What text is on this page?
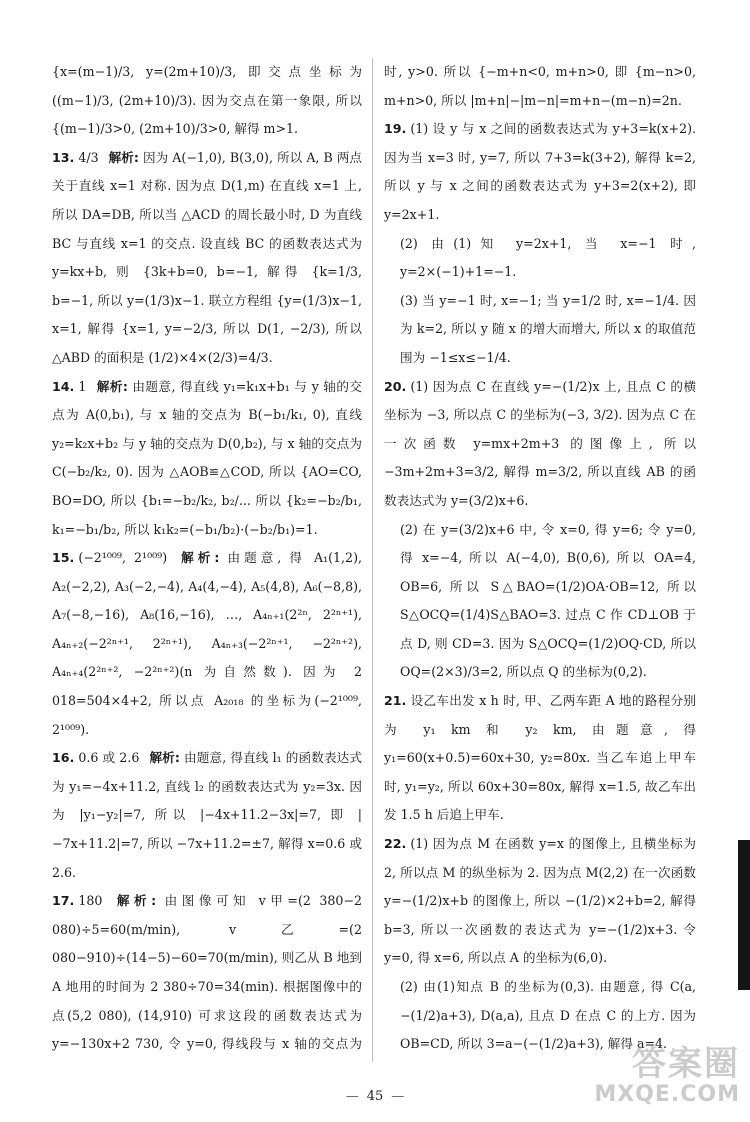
{x=(m−1)/3, y=(2m+10)/3, 即交点坐标为((m−1)/3, (2m+10)/3). 因为交点在第一象限, 所以 {(m−1)/3>0, (2m+10)/3>0, 解得 m>1.

13. 4/3 解析: 因为 A(−1,0), B(3,0), 所以 A, B 两点关于直线 x=1 对称. 因为点 D(1,m) 在直线 x=1 上, 所以 DA=DB, 所以当 △ACD 的周长最小时, D 为直线 BC 与直线 x=1 的交点. 设直线 BC 的函数表达式为 y=kx+b, 则 {3k+b=0, b=−1, 解得 {k=1/3, b=−1, 所以 y=(1/3)x−1. 联立方程组 {y=(1/3)x−1, x=1, 解得 {x=1, y=−2/3, 所以 D(1, −2/3), 所以 △ABD 的面积是 (1/2)×4×(2/3)=4/3.

14. 1 解析: 由题意, 得直线 y₁=k₁x+b₁ 与 y 轴的交点为 A(0,b₁), 与 x 轴的交点为 B(−b₁/k₁, 0), 直线 y₂=k₂x+b₂ 与 y 轴的交点为 D(0,b₂), 与 x 轴的交点为 C(−b₂/k₂, 0). 因为 △AOB≌△COD, 所以 {AO=CO, BO=DO, 所以 {b₁=−b₂/k₂, b₂/... 所以 {k₂=−b₂/b₁, k₁=−b₁/b₂, 所以 k₁k₂=(−b₁/b₂)·(−b₂/b₁)=1.

15. (−2¹⁰⁰⁹, 2¹⁰⁰⁹) 解析: 由题意, 得 A₁(1,2), A₂(−2,2), A₃(−2,−4), A₄(4,−4), A₅(4,8), A₆(−8,8), A₇(−8,−16), A₈(16,−16), …, A₄ₙ₊₁(2²ⁿ, 2²ⁿ⁺¹), A₄ₙ₊₂(−2²ⁿ⁺¹, 2²ⁿ⁺¹), A₄ₙ₊₃(−2²ⁿ⁺¹, −2²ⁿ⁺²), A₄ₙ₊₄(2²ⁿ⁺², −2²ⁿ⁺²)(n 为自然数). 因为 2 018=504×4+2, 所以点 A₂₀₁₈ 的坐标为(−2¹⁰⁰⁹, 2¹⁰⁰⁹).

16. 0.6 或 2.6 解析: 由题意, 得直线 l₁ 的函数表达式为 y₁=−4x+11.2, 直线 l₂ 的函数表达式为 y₂=3x. 因为 |y₁−y₂|=7, 所以 |−4x+11.2−3x|=7, 即 |−7x+11.2|=7, 所以 −7x+11.2=±7, 解得 x=0.6 或 2.6.

17. 180 解析: 由图像可知 v甲=(2 380−2 080)÷5=60(m/min), v乙=(2 080−910)÷(14−5)−60=70(m/min), 则乙从 B 地到 A 地用的时间为 2 380÷70=34(min). 根据图像中的点(5,2 080), (14,910) 可求这段的函数表达式为 y=−130x+2 730, 令 y=0, 得线段与 x 轴的交点为

时, y>0. 所以 {−m+n<0, m+n>0, 即 {m−n>0, m+n>0, 所以 |m+n|−|m−n|=m+n−(m−n)=2n.

19. (1) 设 y 与 x 之间的函数表达式为 y+3=k(x+2). 因为当 x=3 时, y=7, 所以 7+3=k(3+2), 解得 k=2, 所以 y 与 x 之间的函数表达式为 y+3=2(x+2), 即 y=2x+1.

(2) 由(1)知 y=2x+1, 当 x=−1 时, y=2×(−1)+1=−1.

(3) 当 y=−1 时, x=−1; 当 y=1/2 时, x=−1/4. 因为 k=2, 所以 y 随 x 的增大而增大, 所以 x 的取值范围为 −1≤x≤−1/4.

20. (1) 因为点 C 在直线 y=−(1/2)x 上, 且点 C 的横坐标为 −3, 所以点 C 的坐标为(−3, 3/2). 因为点 C 在一次函数 y=mx+2m+3 的图像上, 所以 −3m+2m+3=3/2, 解得 m=3/2, 所以直线 AB 的函数表达式为 y=(3/2)x+6.

(2) 在 y=(3/2)x+6 中, 令 x=0, 得 y=6; 令 y=0, 得 x=−4, 所以 A(−4,0), B(0,6), 所以 OA=4, OB=6, 所以 S△BAO=(1/2)OA·OB=12, 所以 S△OCQ=(1/4)S△BAO=3. 过点 C 作 CD⊥OB 于点 D, 则 CD=3. 因为 S△OCQ=(1/2)OQ·CD, 所以 OQ=(2×3)/3=2, 所以点 Q 的坐标为(0,2).

21. 设乙车出发 x h 时, 甲、乙两车距 A 地的路程分别为 y₁ km 和 y₂ km, 由题意, 得 y₁=60(x+0.5)=60x+30, y₂=80x. 当乙车追上甲车时, y₁=y₂, 所以 60x+30=80x, 解得 x=1.5, 故乙车出发 1.5 h 后追上甲车.

22. (1) 因为点 M 在函数 y=x 的图像上, 且横坐标为 2, 所以点 M 的纵坐标为 2. 因为点 M(2,2) 在一次函数 y=−(1/2)x+b 的图像上, 所以 −(1/2)×2+b=2, 解得 b=3, 所以一次函数的表达式为 y=−(1/2)x+3. 令 y=0, 得 x=6, 所以点 A 的坐标为(6,0).

(2) 由(1)知点 B 的坐标为(0,3). 由题意, 得 C(a, −(1/2)a+3), D(a,a), 且点 D 在点 C 的上方. 因为 OB=CD, 所以 3=a−(−(1/2)a+3), 解得 a=4.

— 45 —
答案圈
MXQE.COM
